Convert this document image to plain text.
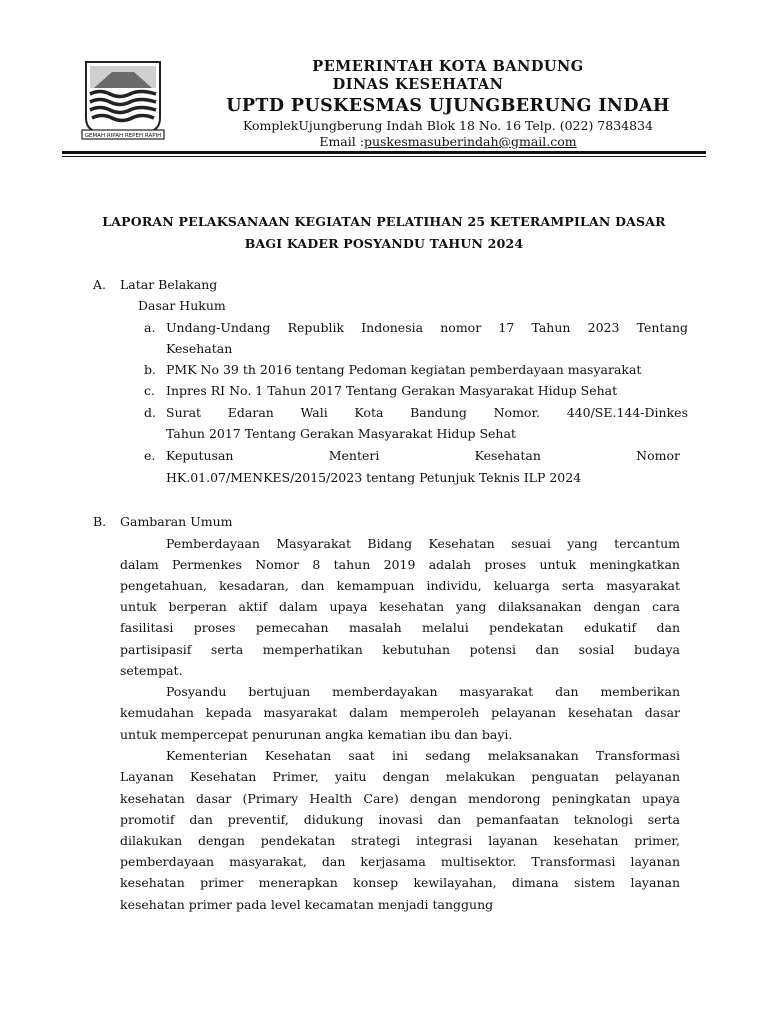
GEMAH RIPAH REPEH RAPIH
PEMERINTAH KOTA BANDUNG
DINAS KESEHATAN
UPTD PUSKESMAS UJUNGBERUNG INDAH
KomplekUjungberung Indah Blok 18 No. 16 Telp. (022) 7834834
Email :puskesmasuberindah@gmail.com
LAPORAN PELAKSANAAN KEGIATAN PELATIHAN 25 KETERAMPILAN DASAR
BAGI KADER POSYANDU TAHUN 2024
A. Latar Belakang
Dasar Hukum
a. Undang-Undang Republik Indonesia nomor 17 Tahun 2023 Tentang
Kesehatan
b. PMK No 39 th 2016 tentang Pedoman kegiatan pemberdayaan masyarakat
c. Inpres RI No. 1 Tahun 2017 Tentang Gerakan Masyarakat Hidup Sehat
d. Surat Edaran Wali Kota Bandung Nomor. 440/SE.144-Dinkes
Tahun 2017 Tentang Gerakan Masyarakat Hidup Sehat
e. Keputusan Menteri Kesehatan Nomor
HK.01.07/MENKES/2015/2023 tentang Petunjuk Teknis ILP 2024
B. Gambaran Umum
Pemberdayaan Masyarakat Bidang Kesehatan sesuai yang tercantum
dalam Permenkes Nomor 8 tahun 2019 adalah proses untuk meningkatkan
pengetahuan, kesadaran, dan kemampuan individu, keluarga serta masyarakat
untuk berperan aktif dalam upaya kesehatan yang dilaksanakan dengan cara
fasilitasi proses pemecahan masalah melalui pendekatan edukatif dan
partisipasif serta memperhatikan kebutuhan potensi dan sosial budaya
setempat.
Posyandu bertujuan memberdayakan masyarakat dan memberikan
kemudahan kepada masyarakat dalam memperoleh pelayanan kesehatan dasar
untuk mempercepat penurunan angka kematian ibu dan bayi.
Kementerian Kesehatan saat ini sedang melaksanakan Transformasi
Layanan Kesehatan Primer, yaitu dengan melakukan penguatan pelayanan
kesehatan dasar (Primary Health Care) dengan mendorong peningkatan upaya
promotif dan preventif, didukung inovasi dan pemanfaatan teknologi serta
dilakukan dengan pendekatan strategi integrasi layanan kesehatan primer,
pemberdayaan masyarakat, dan kerjasama multisektor. Transformasi layanan
kesehatan primer menerapkan konsep kewilayahan, dimana sistem layanan
kesehatan primer pada level kecamatan menjadi tanggung
